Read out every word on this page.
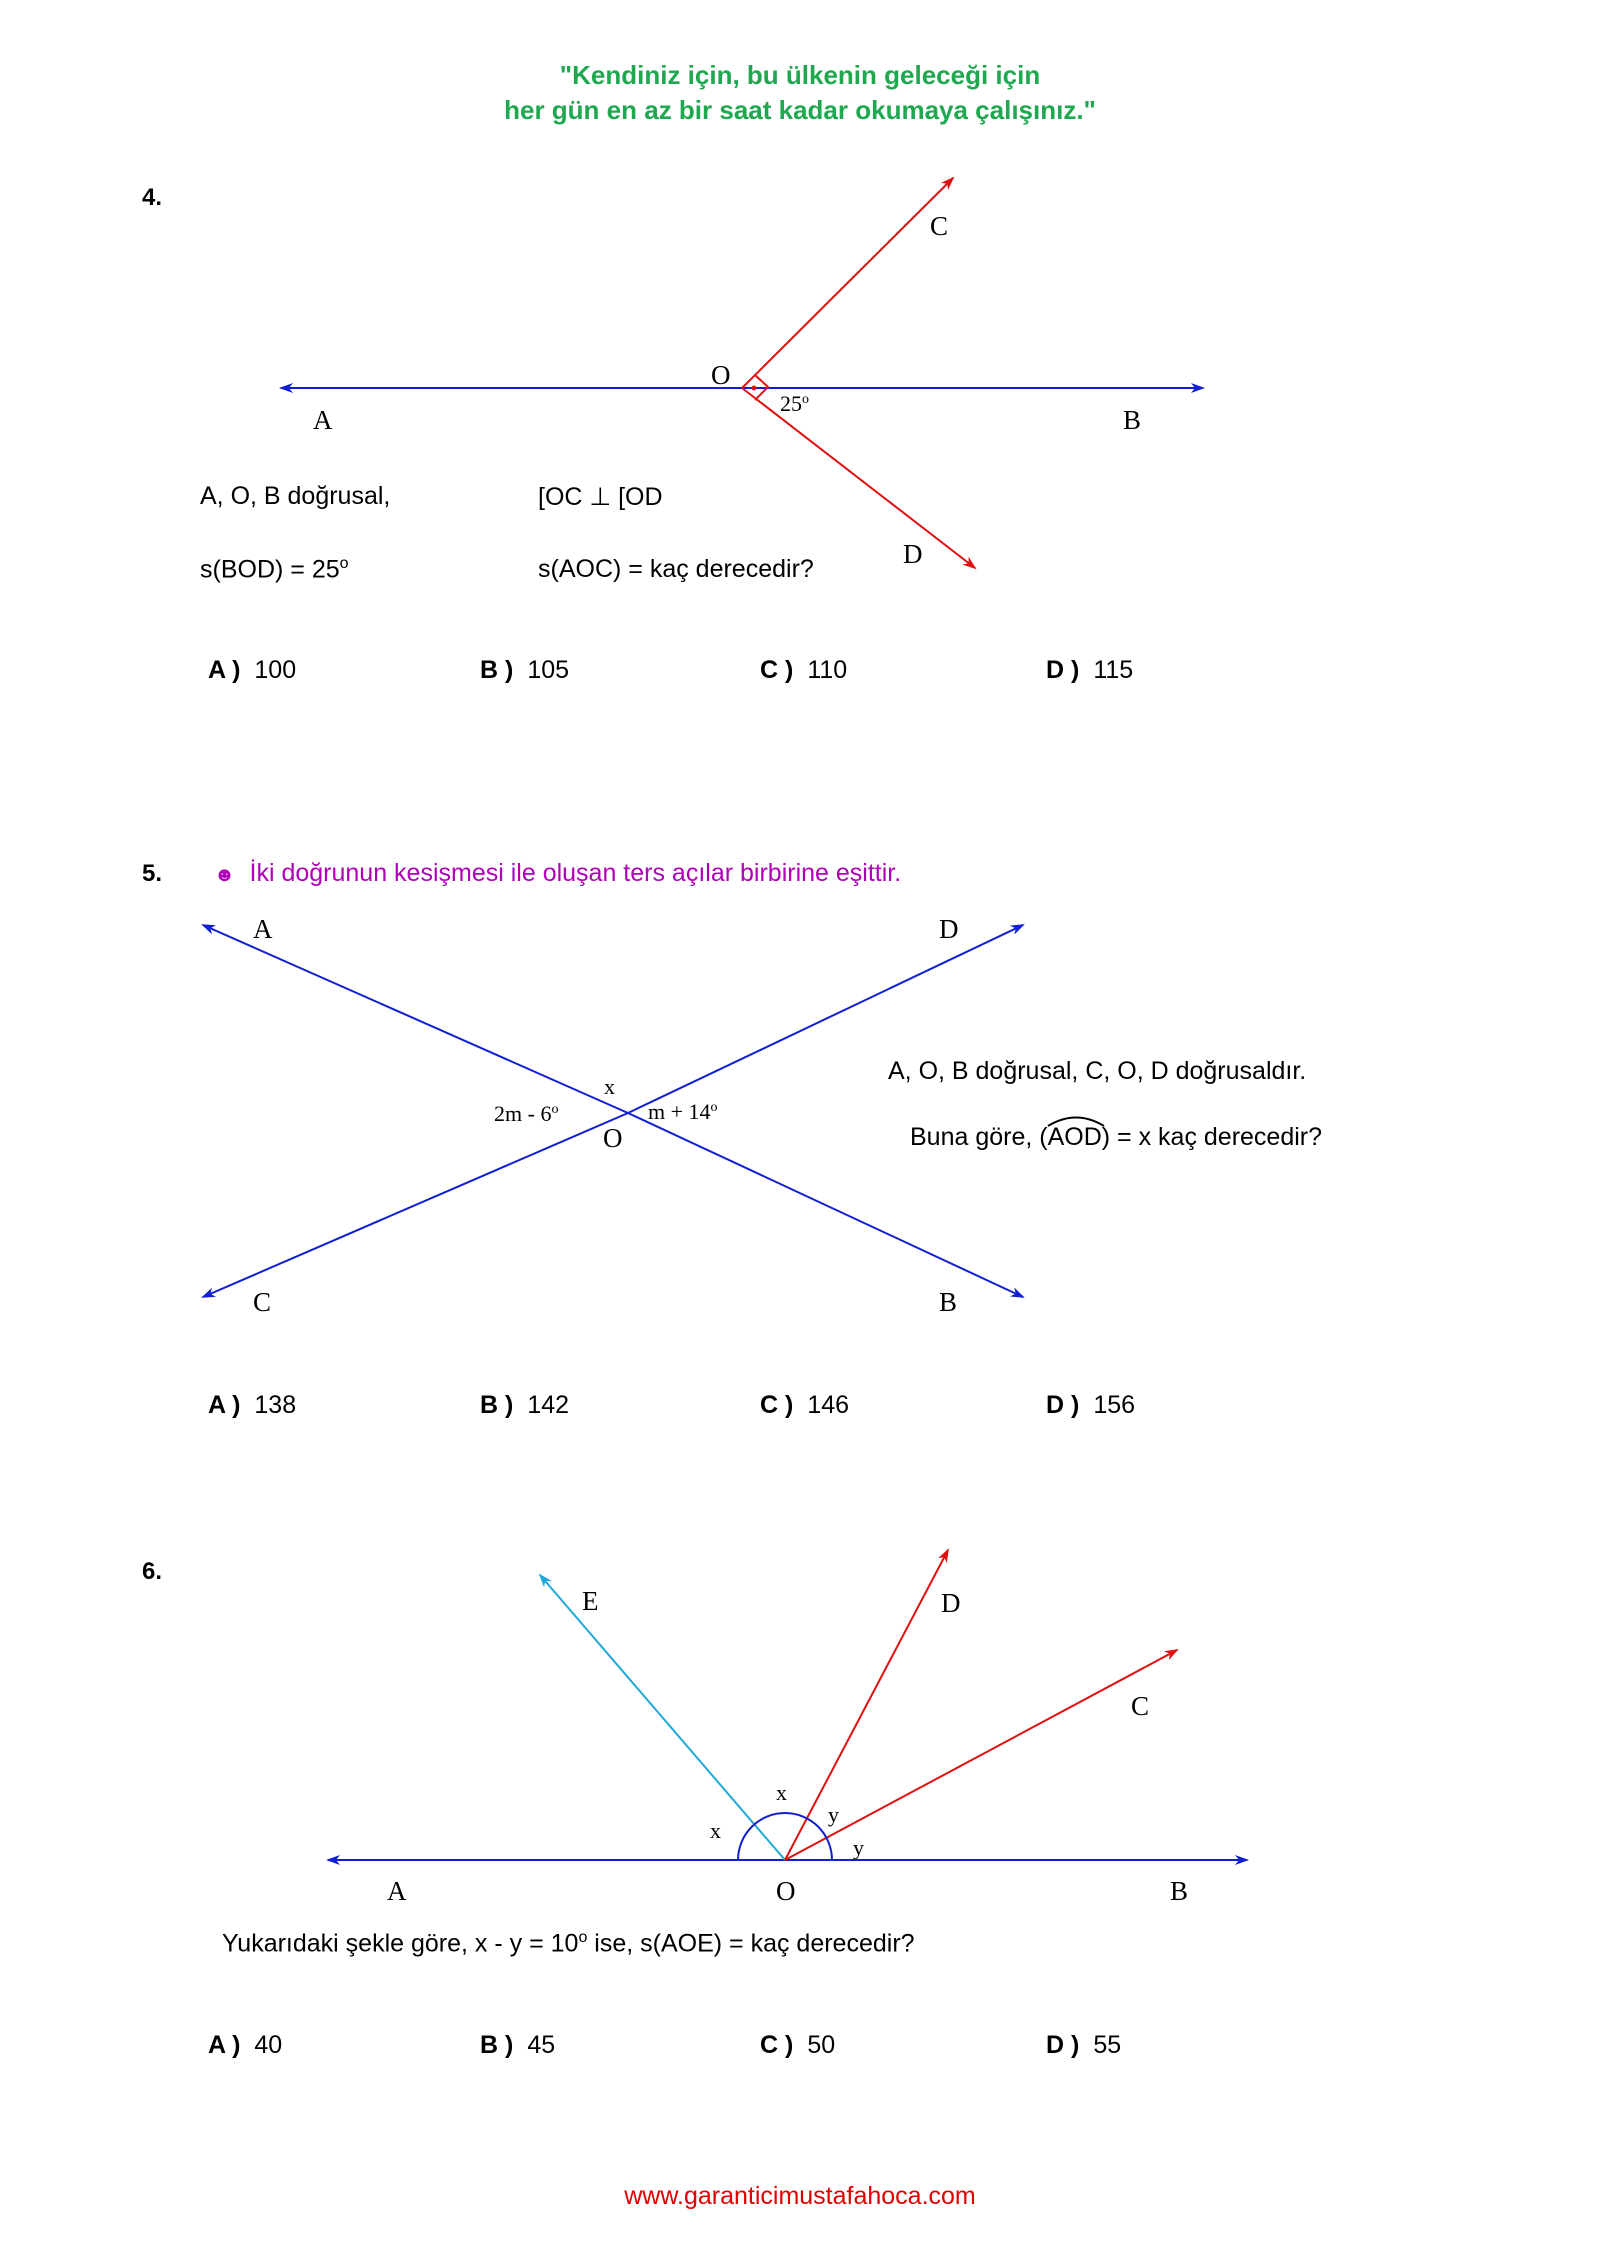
"Kendiniz için, bu ülkenin geleceği için
her gün en az bir saat kadar okumaya çalışınız."
4.
A	B
C
D
O
25$^o$
A, O, B doğrusal,
$s(BOD) = 25^o$
[OC ⊥ [OD
s(AOC) = kaç derecedir?
A ) 100	B ) 105	C ) 110	D ) 115
5.	☻ İki doğrunun kesişmesi ile oluşan ters açılar birbirine eşittir.
A	D
C	B
O
x
2m - 6$^o$	$m + 14^o$
A, O, B doğrusal, C, O, D doğrusaldır.
Buna göre, (
AOD) = x kaç derecedir?
A ) 138	B ) 142	C ) 146	D ) 156
6.
A	O	B
E	D
C
x
x
y
y
Yukarıdaki şekle göre, $x - y = 10^o$ ise, s(AOE) = kaç derecedir?
A ) 40	B ) 45	C ) 50	D ) 55
www.garanticimustafahoca.com
